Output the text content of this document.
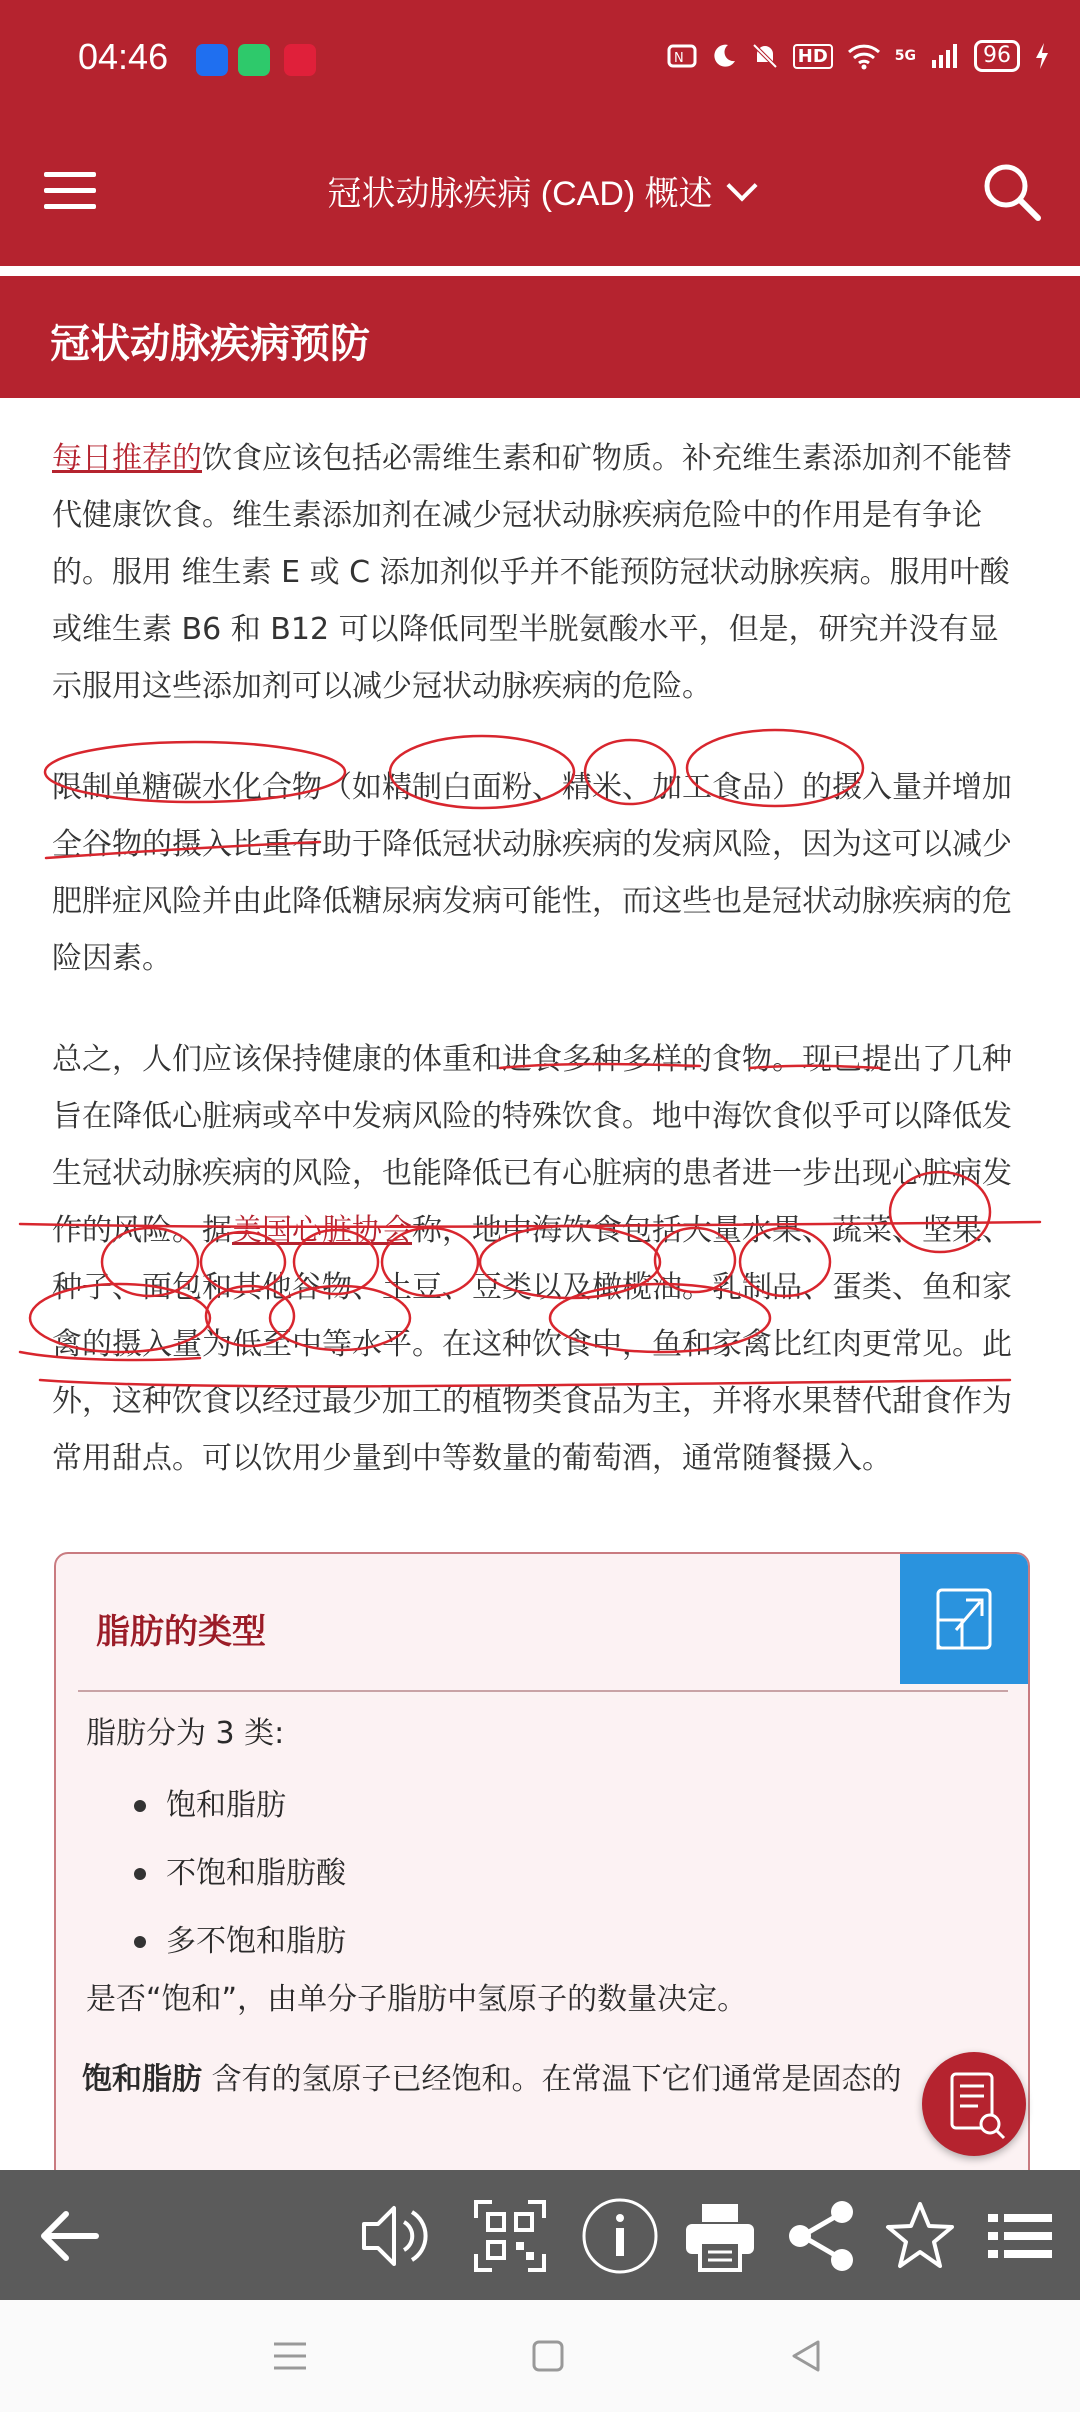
04:46	N	HD	5G	96
冠状动脉疾病 (CAD) 概述
冠状动脉疾病预防

每日推荐的饮食应该包括必需维生素和矿物质。补充维生素添加剂不能替代健康饮食。维生素添加剂在减少冠状动脉疾病危险中的作用是有争论的。服用 维生素 E 或 C 添加剂似乎并不能预防冠状动脉疾病。服用叶酸或维生素 B6 和 B12 可以降低同型半胱氨酸水平，但是，研究并没有显示服用这些添加剂可以减少冠状动脉疾病的危险。

限制单糖碳水化合物（如精制白面粉、精米、加工食品）的摄入量并增加全谷物的摄入比重有助于降低冠状动脉疾病的发病风险，因为这可以减少肥胖症风险并由此降低糖尿病发病可能性，而这些也是冠状动脉疾病的危险因素。

总之，人们应该保持健康的体重和进食多种多样的食物。现已提出了几种旨在降低心脏病或卒中发病风险的特殊饮食。地中海饮食似乎可以降低发生冠状动脉疾病的风险，也能降低已有心脏病的患者进一步出现心脏病发作的风险。据美国心脏协会称，地中海饮食包括大量水果、蔬菜、坚果、种子、面包和其他谷物、土豆、豆类以及橄榄油。乳制品、蛋类、鱼和家禽的摄入量为低至中等水平。在这种饮食中，鱼和家禽比红肉更常见。此外，这种饮食以经过最少加工的植物类食品为主，并将水果替代甜食作为常用甜点。可以饮用少量到中等数量的葡萄酒，通常随餐摄入。

脂肪的类型
脂肪分为 3 类:
饱和脂肪
不饱和脂肪酸
多不饱和脂肪
是否“饱和”，由单分子脂肪中氢原子的数量决定。
饱和脂肪 含有的氢原子已经饱和。在常温下它们通常是固态的
